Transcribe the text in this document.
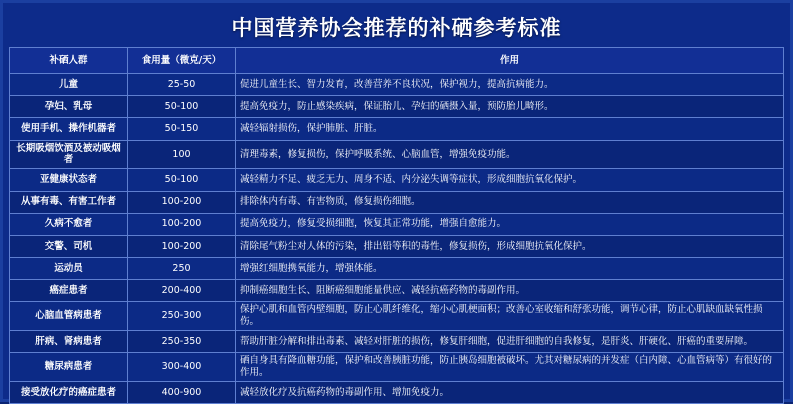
中国营养协会推荐的补硒参考标准
补硒人群	食用量（微克/天）	作用
儿童	25-50	促进儿童生长、智力发育，改善营养不良状况，保护视力，提高抗病能力。
孕妇、乳母	50-100	提高免疫力，防止感染疾病，保证胎儿、孕妇的硒摄入量，预防胎儿畸形。
使用手机、操作机器者	50-150	减轻辐射损伤，保护肺脏、肝脏。
长期吸烟饮酒及被动吸烟者	100	清理毒素，修复损伤，保护呼吸系统、心脑血管，增强免疫功能。
亚健康状态者	50-100	减轻精力不足、疲乏无力、周身不适、内分泌失调等症状，形成细胞抗氧化保护。
从事有毒、有害工作者	100-200	排除体内有毒、有害物质，修复损伤细胞。
久病不愈者	100-200	提高免疫力，修复受损细胞，恢复其正常功能，增强自愈能力。
交警、司机	100-200	清除尾气粉尘对人体的污染，排出铅等积的毒性，修复损伤，形成细胞抗氧化保护。
运动员	250	增强红细胞携氧能力，增强体能。
癌症患者	200-400	抑制癌细胞生长、阻断癌细胞能量供应、减轻抗癌药物的毒副作用。
心脑血管病患者	250-300	保护心肌和血管内壁细胞，防止心肌纤维化，缩小心肌梗面积；改善心室收缩和舒张功能，调节心律，防止心肌缺血缺氧性损伤。
肝病、肾病患者	250-350	帮助肝脏分解和排出毒素、减轻对肝脏的损伤，修复肝细胞，促进肝细胞的自我修复，是肝炎、肝硬化、肝癌的重要屏障。
糖尿病患者	300-400	硒自身具有降血糖功能，保护和改善胰脏功能，防止胰岛细胞被破坏。尤其对糖尿病的并发症（白内障、心血管病等）有很好的作用。
接受放化疗的癌症患者	400-900	减轻放化疗及抗癌药物的毒副作用、增加免疫力。
